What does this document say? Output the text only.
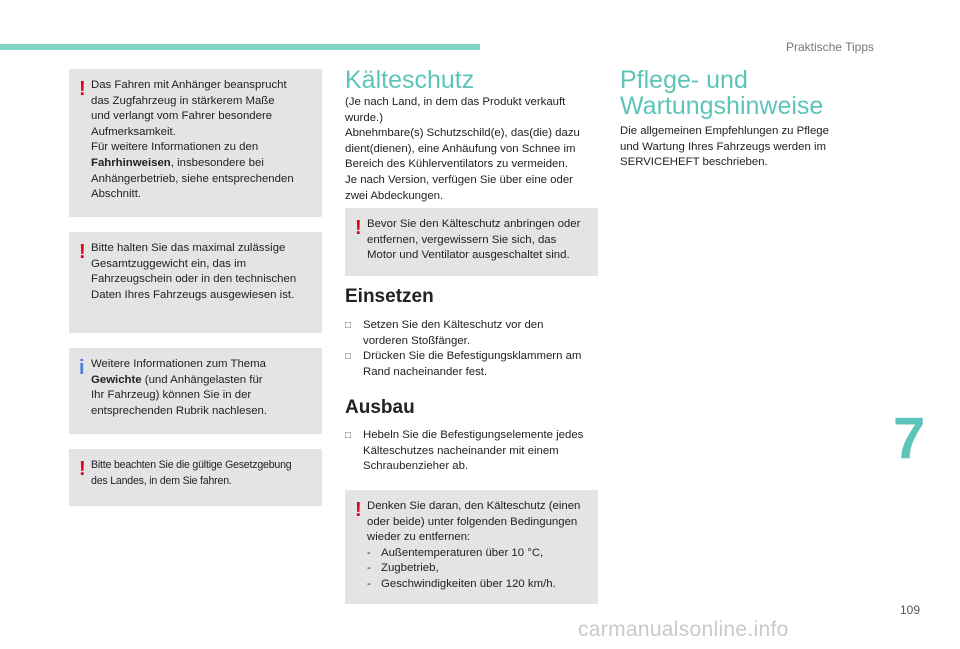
Praktische Tipps
! Das Fahren mit Anhänger beansprucht
das Zugfahrzeug in stärkerem Maße
und verlangt vom Fahrer besondere
Aufmerksamkeit.
Für weitere Informationen zu den
Fahrhinweisen, insbesondere bei
Anhängerbetrieb, siehe entsprechenden
Abschnitt.
! Bitte halten Sie das maximal zulässige
Gesamtzuggewicht ein, das im
Fahrzeugschein oder in den technischen
Daten Ihres Fahrzeugs ausgewiesen ist.
i Weitere Informationen zum Thema
Gewichte (und Anhängelasten für
Ihr Fahrzeug) können Sie in der
entsprechenden Rubrik nachlesen.
! Bitte beachten Sie die gültige Gesetzgebung
des Landes, in dem Sie fahren.
Kälteschutz
(Je nach Land, in dem das Produkt verkauft
wurde.)
Abnehmbare(s) Schutzschild(e), das(die) dazu
dient(dienen), eine Anhäufung von Schnee im
Bereich des Kühlerventilators zu vermeiden.
Je nach Version, verfügen Sie über eine oder
zwei Abdeckungen.
! Bevor Sie den Kälteschutz anbringen oder
entfernen, vergewissern Sie sich, das
Motor und Ventilator ausgeschaltet sind.
Einsetzen
□ Setzen Sie den Kälteschutz vor den
vorderen Stoßfänger.
□ Drücken Sie die Befestigungsklammern am
Rand nacheinander fest.
Ausbau
□ Hebeln Sie die Befestigungselemente jedes
Kälteschutzes nacheinander mit einem
Schraubenzieher ab.
! Denken Sie daran, den Kälteschutz (einen
oder beide) unter folgenden Bedingungen
wieder zu entfernen:
- Außentemperaturen über 10 °C,
- Zugbetrieb,
- Geschwindigkeiten über 120 km/h.
Pflege- und
Wartungshinweise
Die allgemeinen Empfehlungen zu Pflege
und Wartung Ihres Fahrzeugs werden im
SERVICEHEFT beschrieben.
7
109
carmanualsonline.info
